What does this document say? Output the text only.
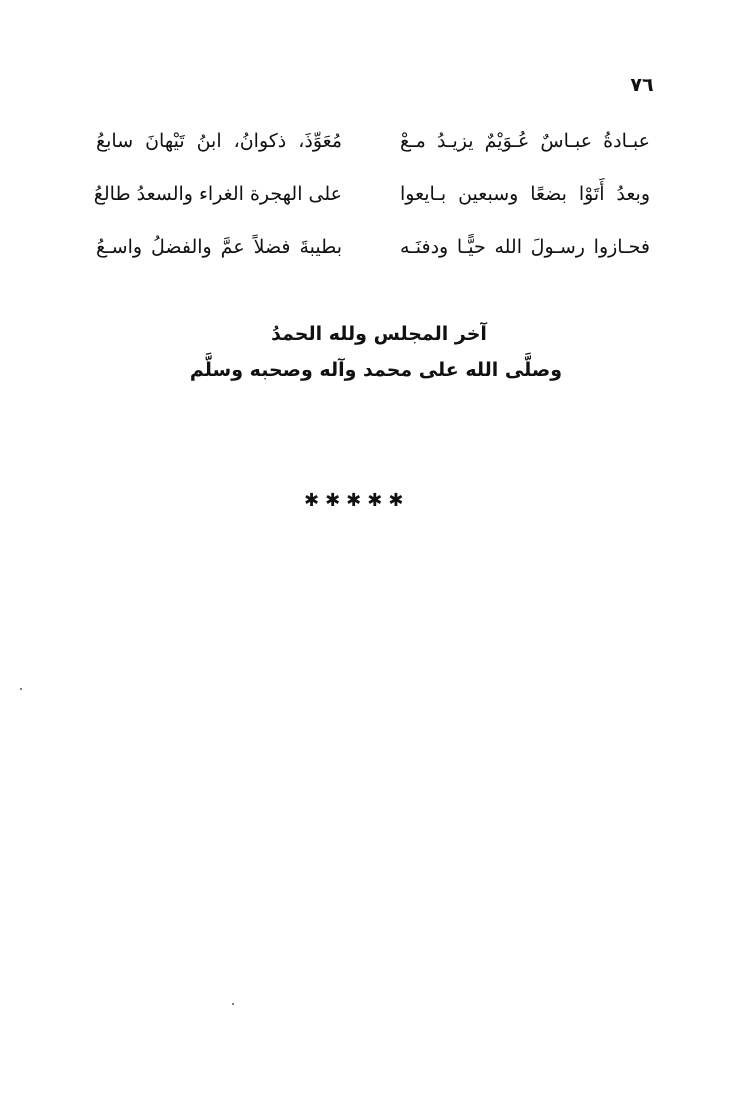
٧٦
عبـادةُ عبـاسٌ عُـوَيْمٌ يزيـدُ مـعْ
مُعَوِّذَ، ذكوانُ، ابنُ تَيْهانَ سابعُ
وبعدُ أَتَوْا بضعًا وسبعين بـايعوا
على الهجرة الغراء والسعدُ طالعُ
فحـازوا رسـولَ الله حيًّـا ودفنَـه
بطيبةَ فضلاً عمَّ والفضلُ واسـعُ
آخر المجلس ولله الحمدُ
وصلَّى الله على محمد وآله وصحبه وسلَّم
✱✱✱✱✱
